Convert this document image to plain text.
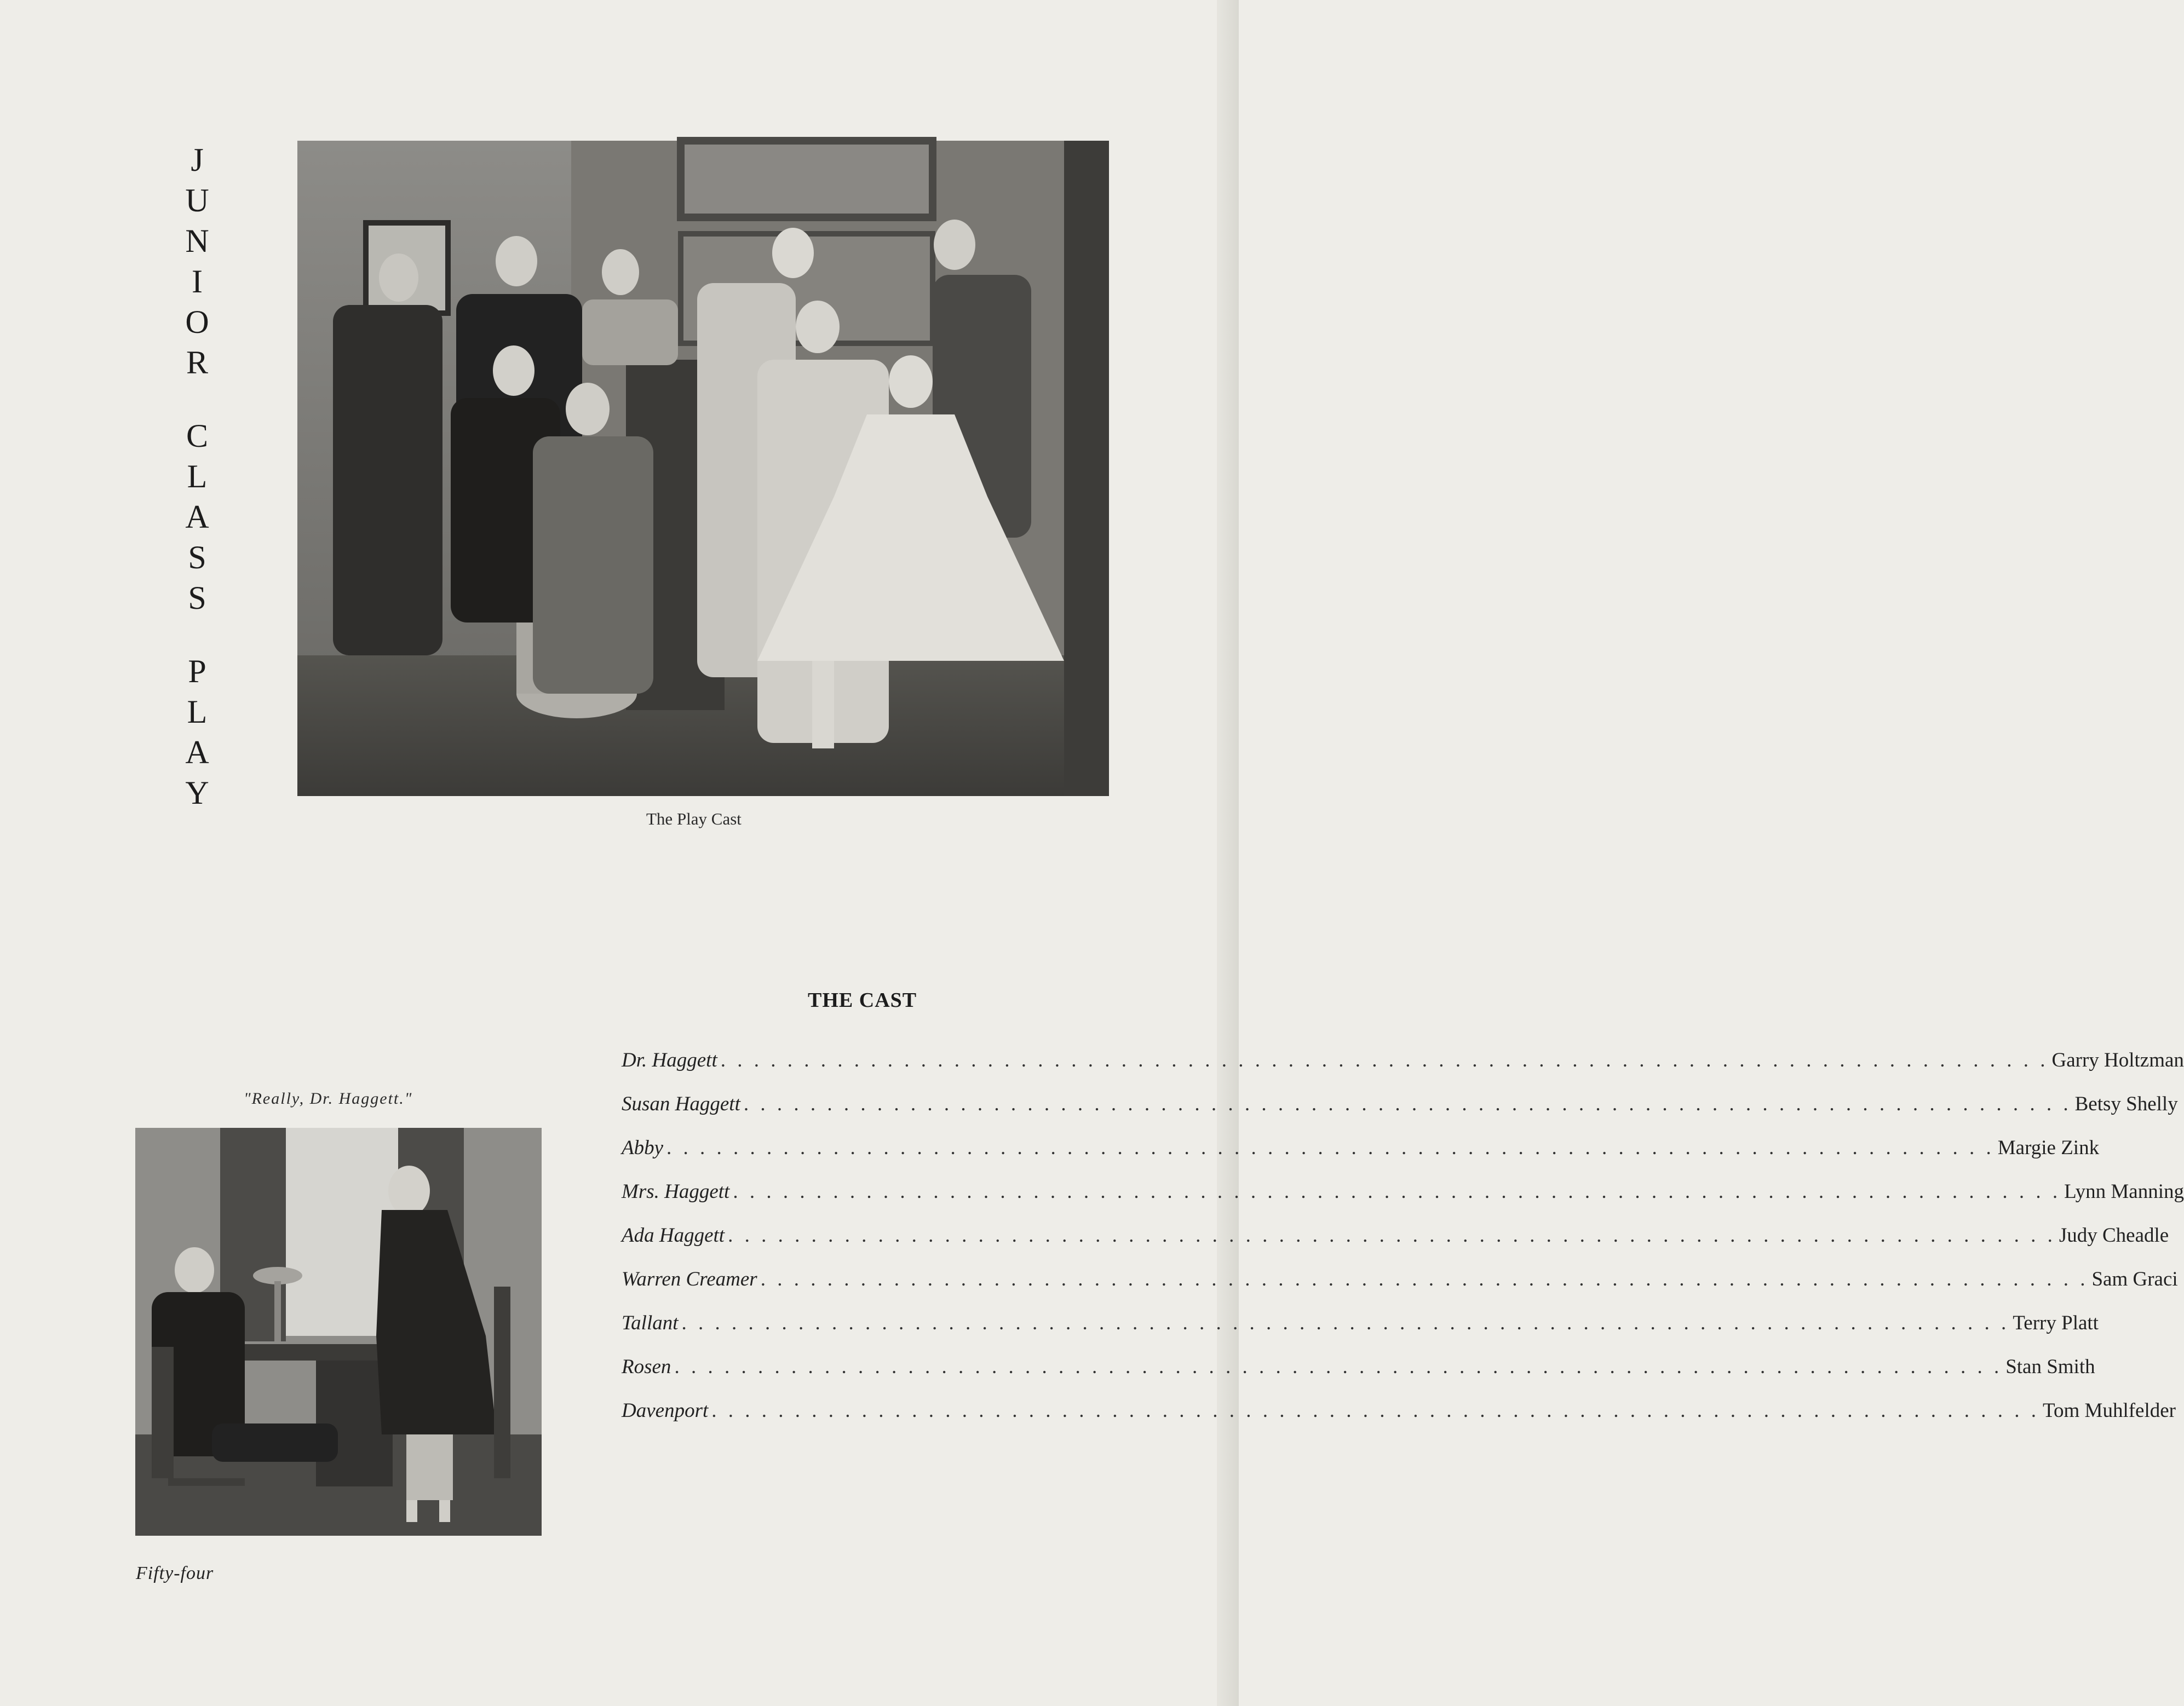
J
U
N
I
O
R
C
L
A
S
S
P
L
A
Y
The Play Cast
"Really, Dr. Haggett."
THE CAST
Dr. Haggett . . . . . . . . . . . . . . . . . . . . . . . . . . . . . . . . . . . . . . . . . . . . . . . . . . . . . . . . . . . . . . . . . . . . . . . . . . . . . . . . Garry Holtzman
Susan Haggett . . . . . . . . . . . . . . . . . . . . . . . . . . . . . . . . . . . . . . . . . . . . . . . . . . . . . . . . . . . . . . . . . . . . . . . . . . . . . . . . Betsy Shelly
Abby . . . . . . . . . . . . . . . . . . . . . . . . . . . . . . . . . . . . . . . . . . . . . . . . . . . . . . . . . . . . . . . . . . . . . . . . . . . . . . . . Margie Zink
Mrs. Haggett . . . . . . . . . . . . . . . . . . . . . . . . . . . . . . . . . . . . . . . . . . . . . . . . . . . . . . . . . . . . . . . . . . . . . . . . . . . . . . . . Lynn Manning
Ada Haggett . . . . . . . . . . . . . . . . . . . . . . . . . . . . . . . . . . . . . . . . . . . . . . . . . . . . . . . . . . . . . . . . . . . . . . . . . . . . . . . . Judy Cheadle
Warren Creamer . . . . . . . . . . . . . . . . . . . . . . . . . . . . . . . . . . . . . . . . . . . . . . . . . . . . . . . . . . . . . . . . . . . . . . . . . . . . . . . . Sam Graci
Tallant . . . . . . . . . . . . . . . . . . . . . . . . . . . . . . . . . . . . . . . . . . . . . . . . . . . . . . . . . . . . . . . . . . . . . . . . . . . . . . . . Terry Platt
Rosen . . . . . . . . . . . . . . . . . . . . . . . . . . . . . . . . . . . . . . . . . . . . . . . . . . . . . . . . . . . . . . . . . . . . . . . . . . . . . . . . Stan Smith
Davenport . . . . . . . . . . . . . . . . . . . . . . . . . . . . . . . . . . . . . . . . . . . . . . . . . . . . . . . . . . . . . . . . . . . . . . . . . . . . . . . . Tom Muhlfelder
Fifty-four
